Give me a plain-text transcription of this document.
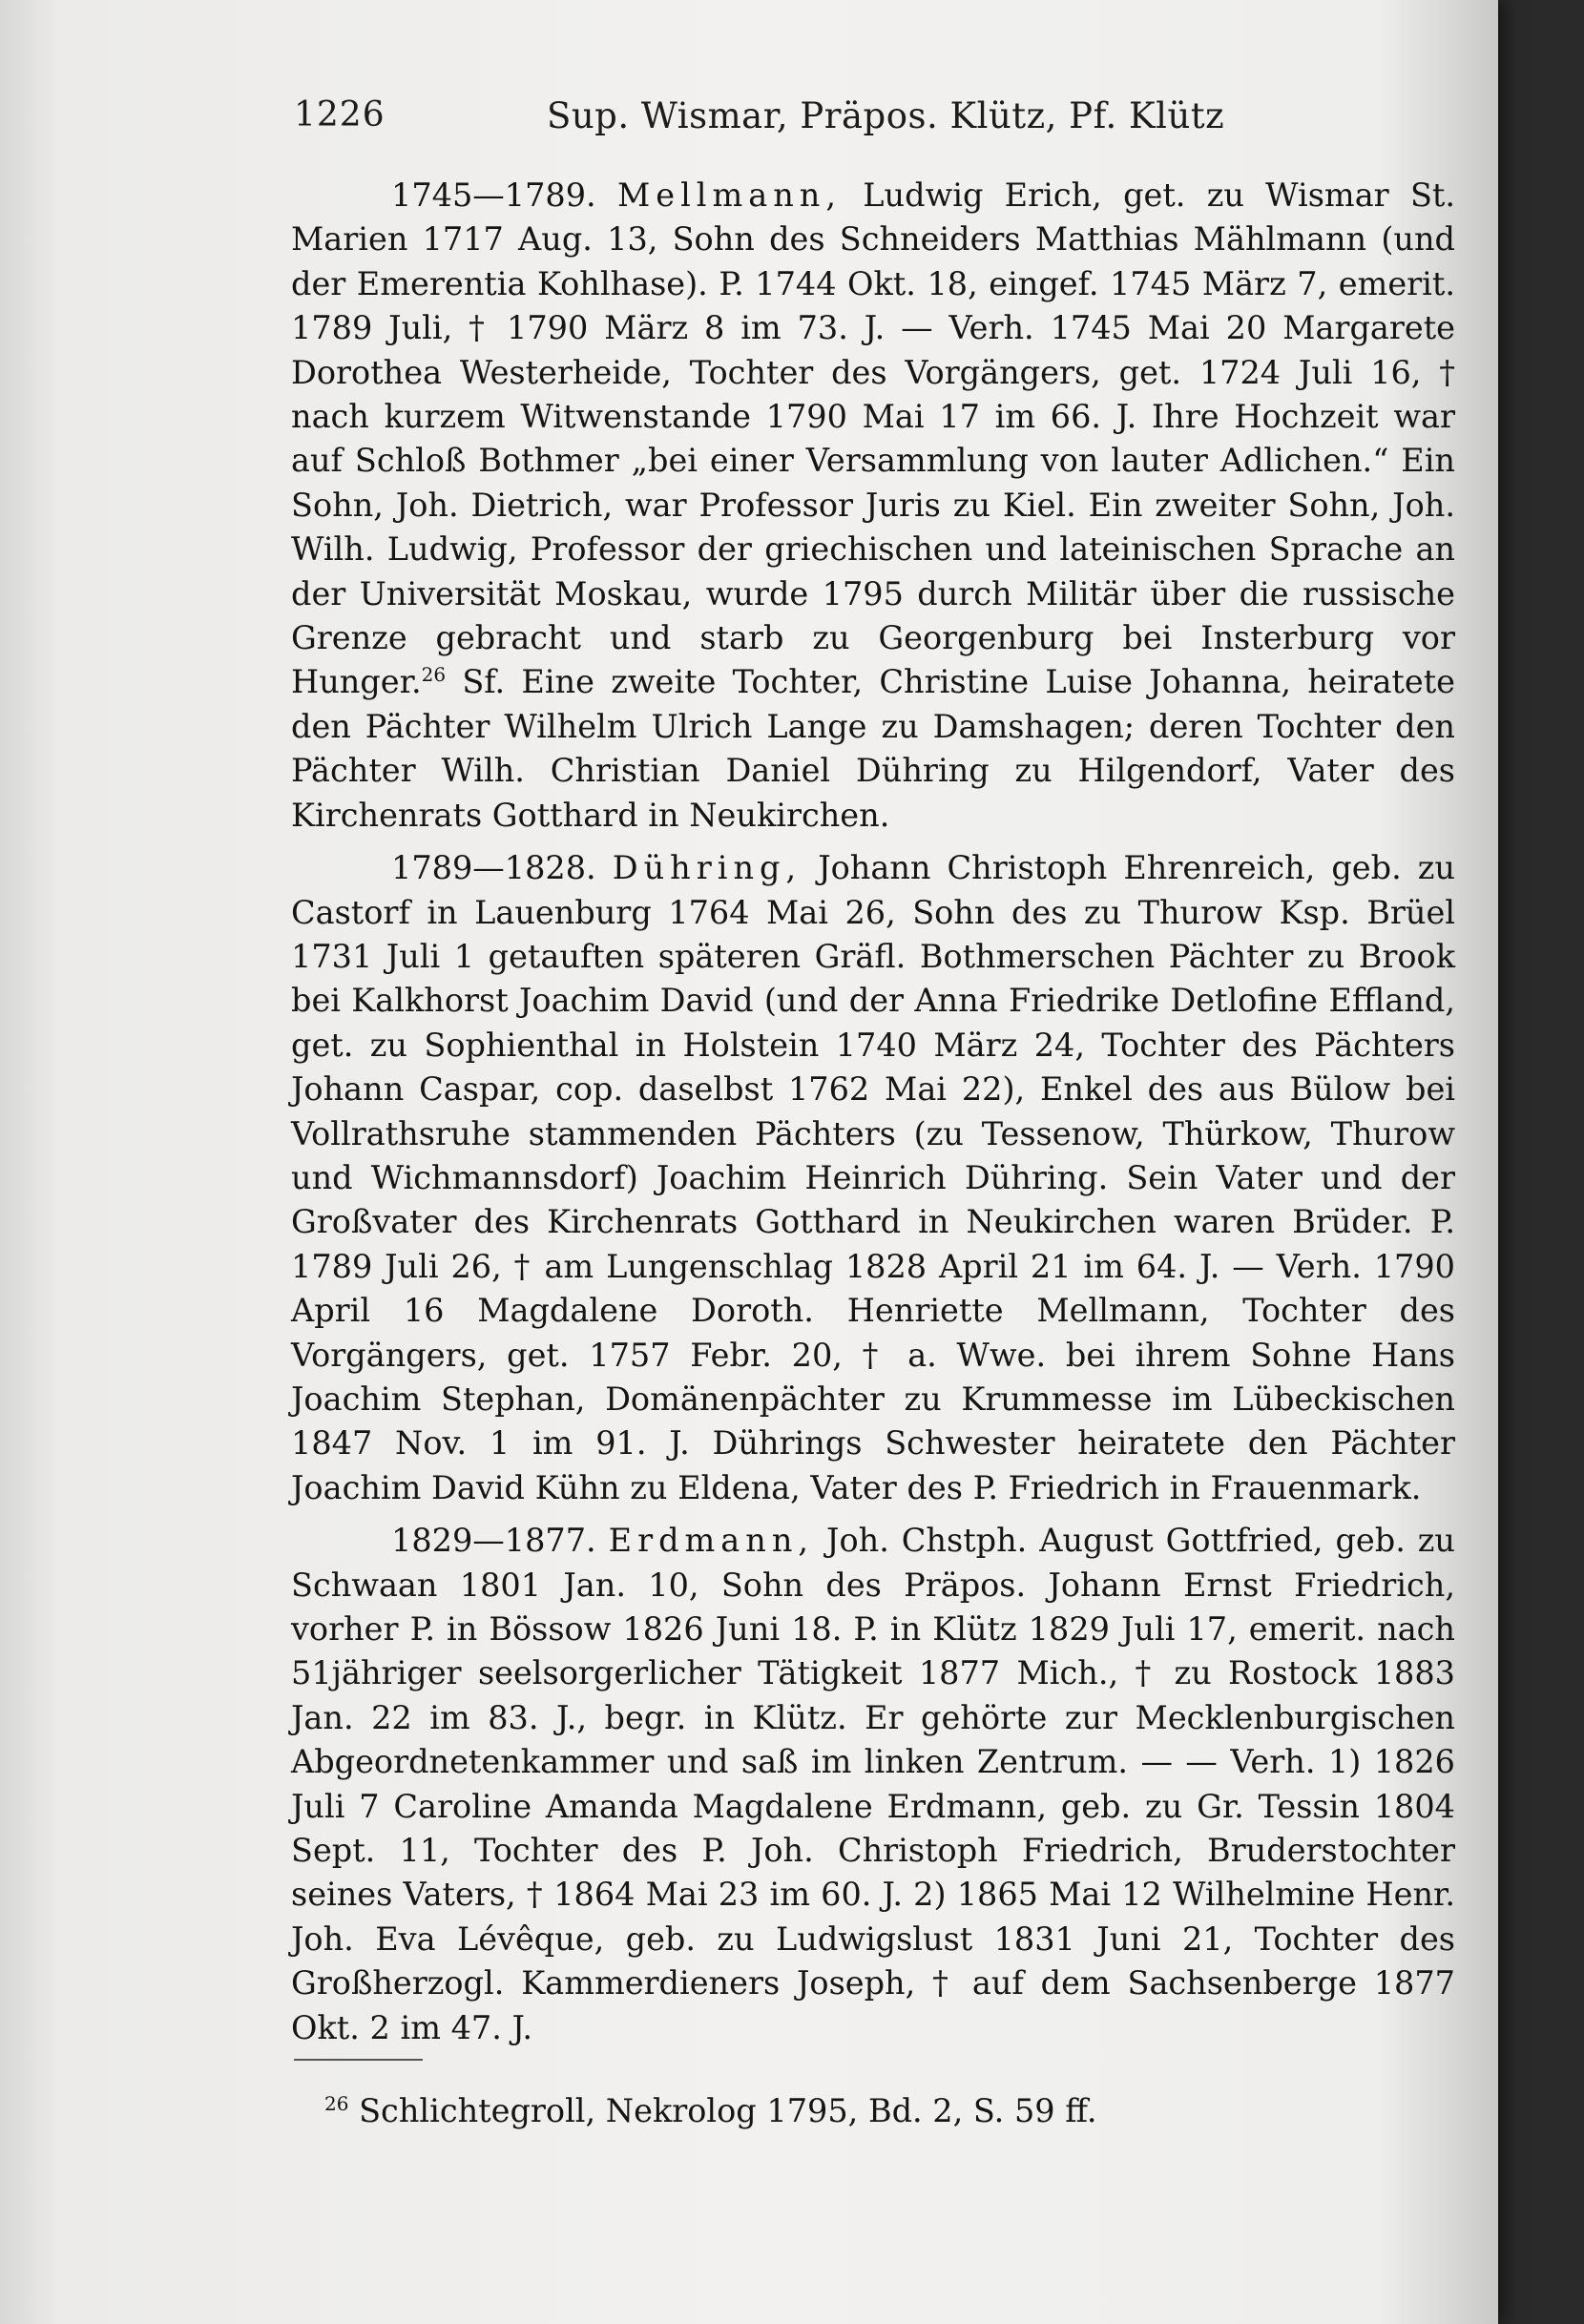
1226	Sup. Wismar, Präpos. Klütz, Pf. Klütz

1745—1789. Mellmann, Ludwig Erich, get. zu Wismar St. Marien 1717 Aug. 13, Sohn des Schneiders Matthias Mählmann (und der Emerentia Kohlhase). P. 1744 Okt. 18, eingef. 1745 März 7, emerit. 1789 Juli, † 1790 März 8 im 73. J. — Verh. 1745 Mai 20 Margarete Dorothea Westerheide, Tochter des Vorgängers, get. 1724 Juli 16, † nach kurzem Witwenstande 1790 Mai 17 im 66. J. Ihre Hochzeit war auf Schloß Bothmer „bei einer Versammlung von lauter Adlichen.“ Ein Sohn, Joh. Dietrich, war Professor Juris zu Kiel. Ein zweiter Sohn, Joh. Wilh. Ludwig, Professor der griechischen und lateinischen Sprache an der Universität Moskau, wurde 1795 durch Militär über die russische Grenze gebracht und starb zu Georgenburg bei Insterburg vor Hunger.$^{26}$ Sf. Eine zweite Tochter, Christine Luise Johanna, heiratete den Pächter Wilhelm Ulrich Lange zu Damshagen; deren Tochter den Pächter Wilh. Christian Daniel Dühring zu Hilgendorf, Vater des Kirchenrats Gotthard in Neukirchen.

1789—1828. Dühring, Johann Christoph Ehrenreich, geb. zu Castorf in Lauenburg 1764 Mai 26, Sohn des zu Thurow Ksp. Brüel 1731 Juli 1 getauften späteren Gräfl. Bothmerschen Pächter zu Brook bei Kalkhorst Joachim David (und der Anna Friedrike Detlofine Effland, get. zu Sophienthal in Holstein 1740 März 24, Tochter des Pächters Johann Caspar, cop. daselbst 1762 Mai 22), Enkel des aus Bülow bei Vollrathsruhe stammenden Pächters (zu Tessenow, Thürkow, Thurow und Wichmannsdorf) Joachim Heinrich Dühring. Sein Vater und der Großvater des Kirchenrats Gotthard in Neukirchen waren Brüder. P. 1789 Juli 26, † am Lungenschlag 1828 April 21 im 64. J. — Verh. 1790 April 16 Magdalene Doroth. Henriette Mellmann, Tochter des Vorgängers, get. 1757 Febr. 20, † a. Wwe. bei ihrem Sohne Hans Joachim Stephan, Domänenpächter zu Krummesse im Lübeckischen 1847 Nov. 1 im 91. J. Dührings Schwester heiratete den Pächter Joachim David Kühn zu Eldena, Vater des P. Friedrich in Frauenmark.

1829—1877. Erdmann, Joh. Chstph. August Gottfried, geb. zu Schwaan 1801 Jan. 10, Sohn des Präpos. Johann Ernst Friedrich, vorher P. in Bössow 1826 Juni 18. P. in Klütz 1829 Juli 17, emerit. nach 51jähriger seelsorgerlicher Tätigkeit 1877 Mich., † zu Rostock 1883 Jan. 22 im 83. J., begr. in Klütz. Er gehörte zur Mecklenburgischen Abgeordnetenkammer und saß im linken Zentrum. — — Verh. 1) 1826 Juli 7 Caroline Amanda Magdalene Erdmann, geb. zu Gr. Tessin 1804 Sept. 11, Tochter des P. Joh. Christoph Friedrich, Bruderstochter seines Vaters, † 1864 Mai 23 im 60. J. 2) 1865 Mai 12 Wilhelmine Henr. Joh. Eva Lévêque, geb. zu Ludwigslust 1831 Juni 21, Tochter des Großherzogl. Kammerdieners Joseph, † auf dem Sachsenberge 1877 Okt. 2 im 47. J.

$^{26}$ Schlichtegroll, Nekrolog 1795, Bd. 2, S. 59 ff.
